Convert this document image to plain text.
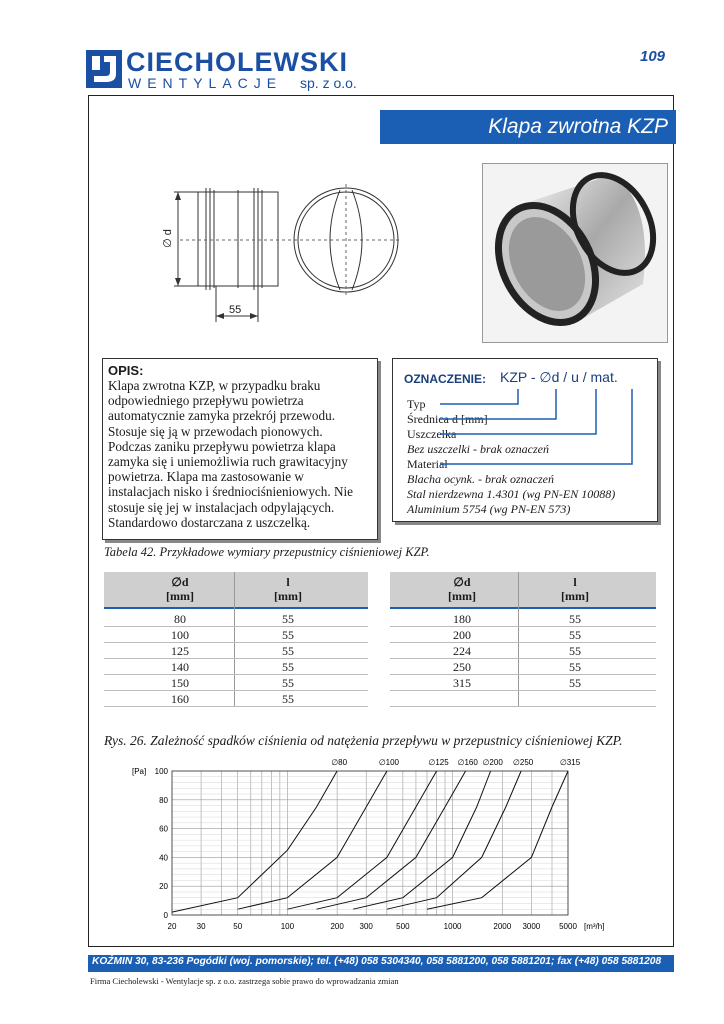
CIECHOLEWSKI
WENTYLACJE sp. z o.o.
109
Klapa zwrotna KZP
∅ d
55
OPIS:
Klapa zwrotna KZP, w przypadku braku
odpowiedniego przepływu powietrza
automatycznie zamyka przekrój przewodu.
Stosuje się ją w przewodach pionowych.
Podczas zaniku przepływu powietrza klapa
zamyka się i uniemożliwia ruch grawitacyjny
powietrza. Klapa ma zastosowanie w
instalacjach nisko i średniociśnieniowych. Nie
stosuje się jej w instalacjach odpylających.
Standardowo dostarczana z uszczelką.
OZNACZENIE: KZP - ∅d / u / mat.
Typ
Średnica d [mm]
Uszczelka
Bez uszczelki - brak oznaczeń
Materiał
Blacha ocynk. - brak oznaczeń
Stal nierdzewna 1.4301 (wg PN-EN 10088)
Aluminium 5754 (wg PN-EN 573)
Tabela 42. Przykładowe wymiary przepustnicy ciśnieniowej KZP.
∅d
[mm]
l
[mm]
∅d
[mm]
l
[mm]
80	55
100	55
125	55
140	55
150	55
160	55
180	55
200	55
224	55
250	55
315	55
Rys. 26. Zależność spadków ciśnienia od natężenia przepływu w przepustnicy ciśnieniowej KZP.
0
20
40
60
80
100
20	30	50	100	200 300	500	1000	2000 3000 5000
[Pa]
[m³/h]
∅80	∅100	∅125 ∅160 ∅200 ∅250	∅315
KOŹMIN 30, 83-236 Pogódki (woj. pomorskie); tel. (+48) 058 5304340, 058 5881200, 058 5881201; fax (+48) 058 5881208
Firma Ciecholewski - Wentylacje sp. z o.o. zastrzega sobie prawo do wprowadzania zmian
